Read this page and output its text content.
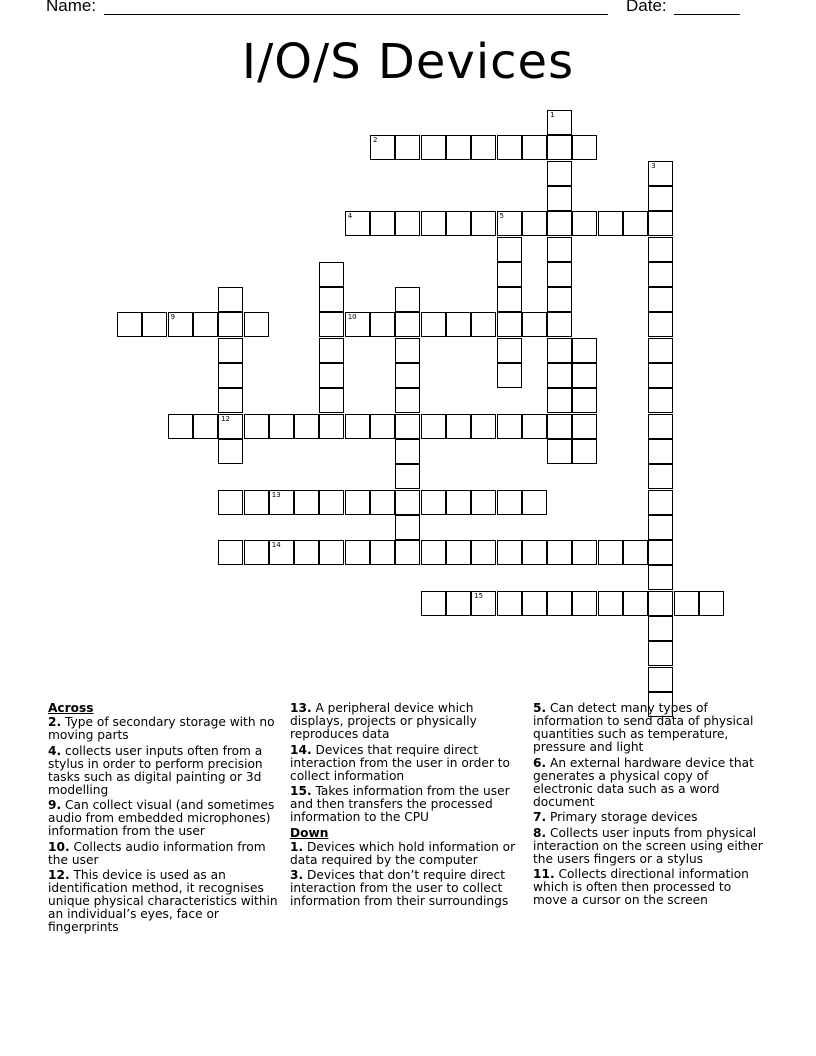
Name:	Date:
I/O/S Devices
2
4	5
9	10
12
13
14
15
1
3
Across
2. Type of secondary storage with no moving parts
4. collects user inputs often from a stylus in order to perform precision tasks such as digital painting or 3d modelling
9. Can collect visual (and sometimes audio from embedded microphones) information from the user
10. Collects audio information from the user
12. This device is used as an identification method, it recognises unique physical characteristics within an individual’s eyes, face or fingerprints
13. A peripheral device which displays, projects or physically reproduces data
14. Devices that require direct interaction from the user in order to collect information
15. Takes information from the user and then transfers the processed information to the CPU
Down
1. Devices which hold information or data required by the computer
3. Devices that don’t require direct interaction from the user to collect information from their surroundings
5. Can detect many types of information to send data of physical quantities such as temperature, pressure and light
6. An external hardware device that generates a physical copy of electronic data such as a word document
7. Primary storage devices
8. Collects user inputs from physical interaction on the screen using either the users fingers or a stylus
11. Collects directional information which is often then processed to move a cursor on the screen
